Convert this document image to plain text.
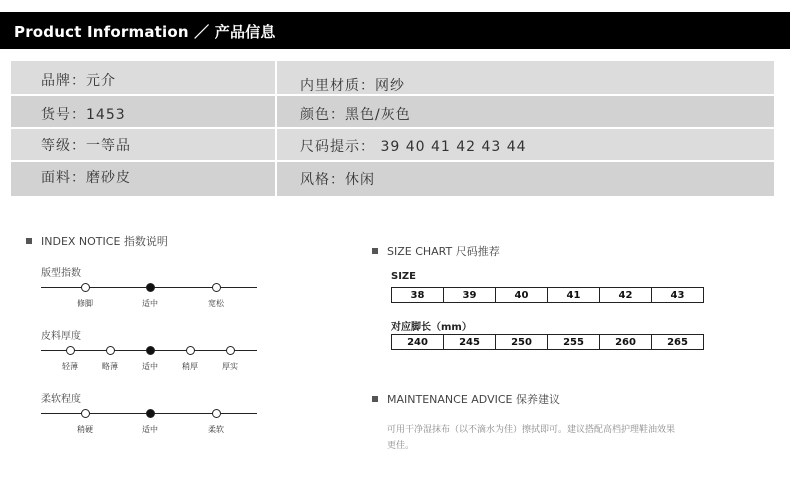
Product Information ／ 产品信息
品牌：元介	内里材质：网纱
货号：1453	颜色：黑色/灰色
等级：一等品	尺码提示： 39 40 41 42 43 44
面料：磨砂皮	风格：休闲
INDEX NOTICE 指数说明
版型指数
修脚	适中	宽松
皮料厚度
轻薄	略薄	适中	稍厚	厚实
柔软程度
稍硬	适中	柔软
SIZE CHART 尺码推荐
SIZE
38	39	40	41	42	43
对应脚长（mm）
240	245	250	255	260	265
MAINTENANCE ADVICE 保养建议
可用干净湿抹布（以不滴水为佳）擦拭即可。建议搭配高档护理鞋油效果更佳。
